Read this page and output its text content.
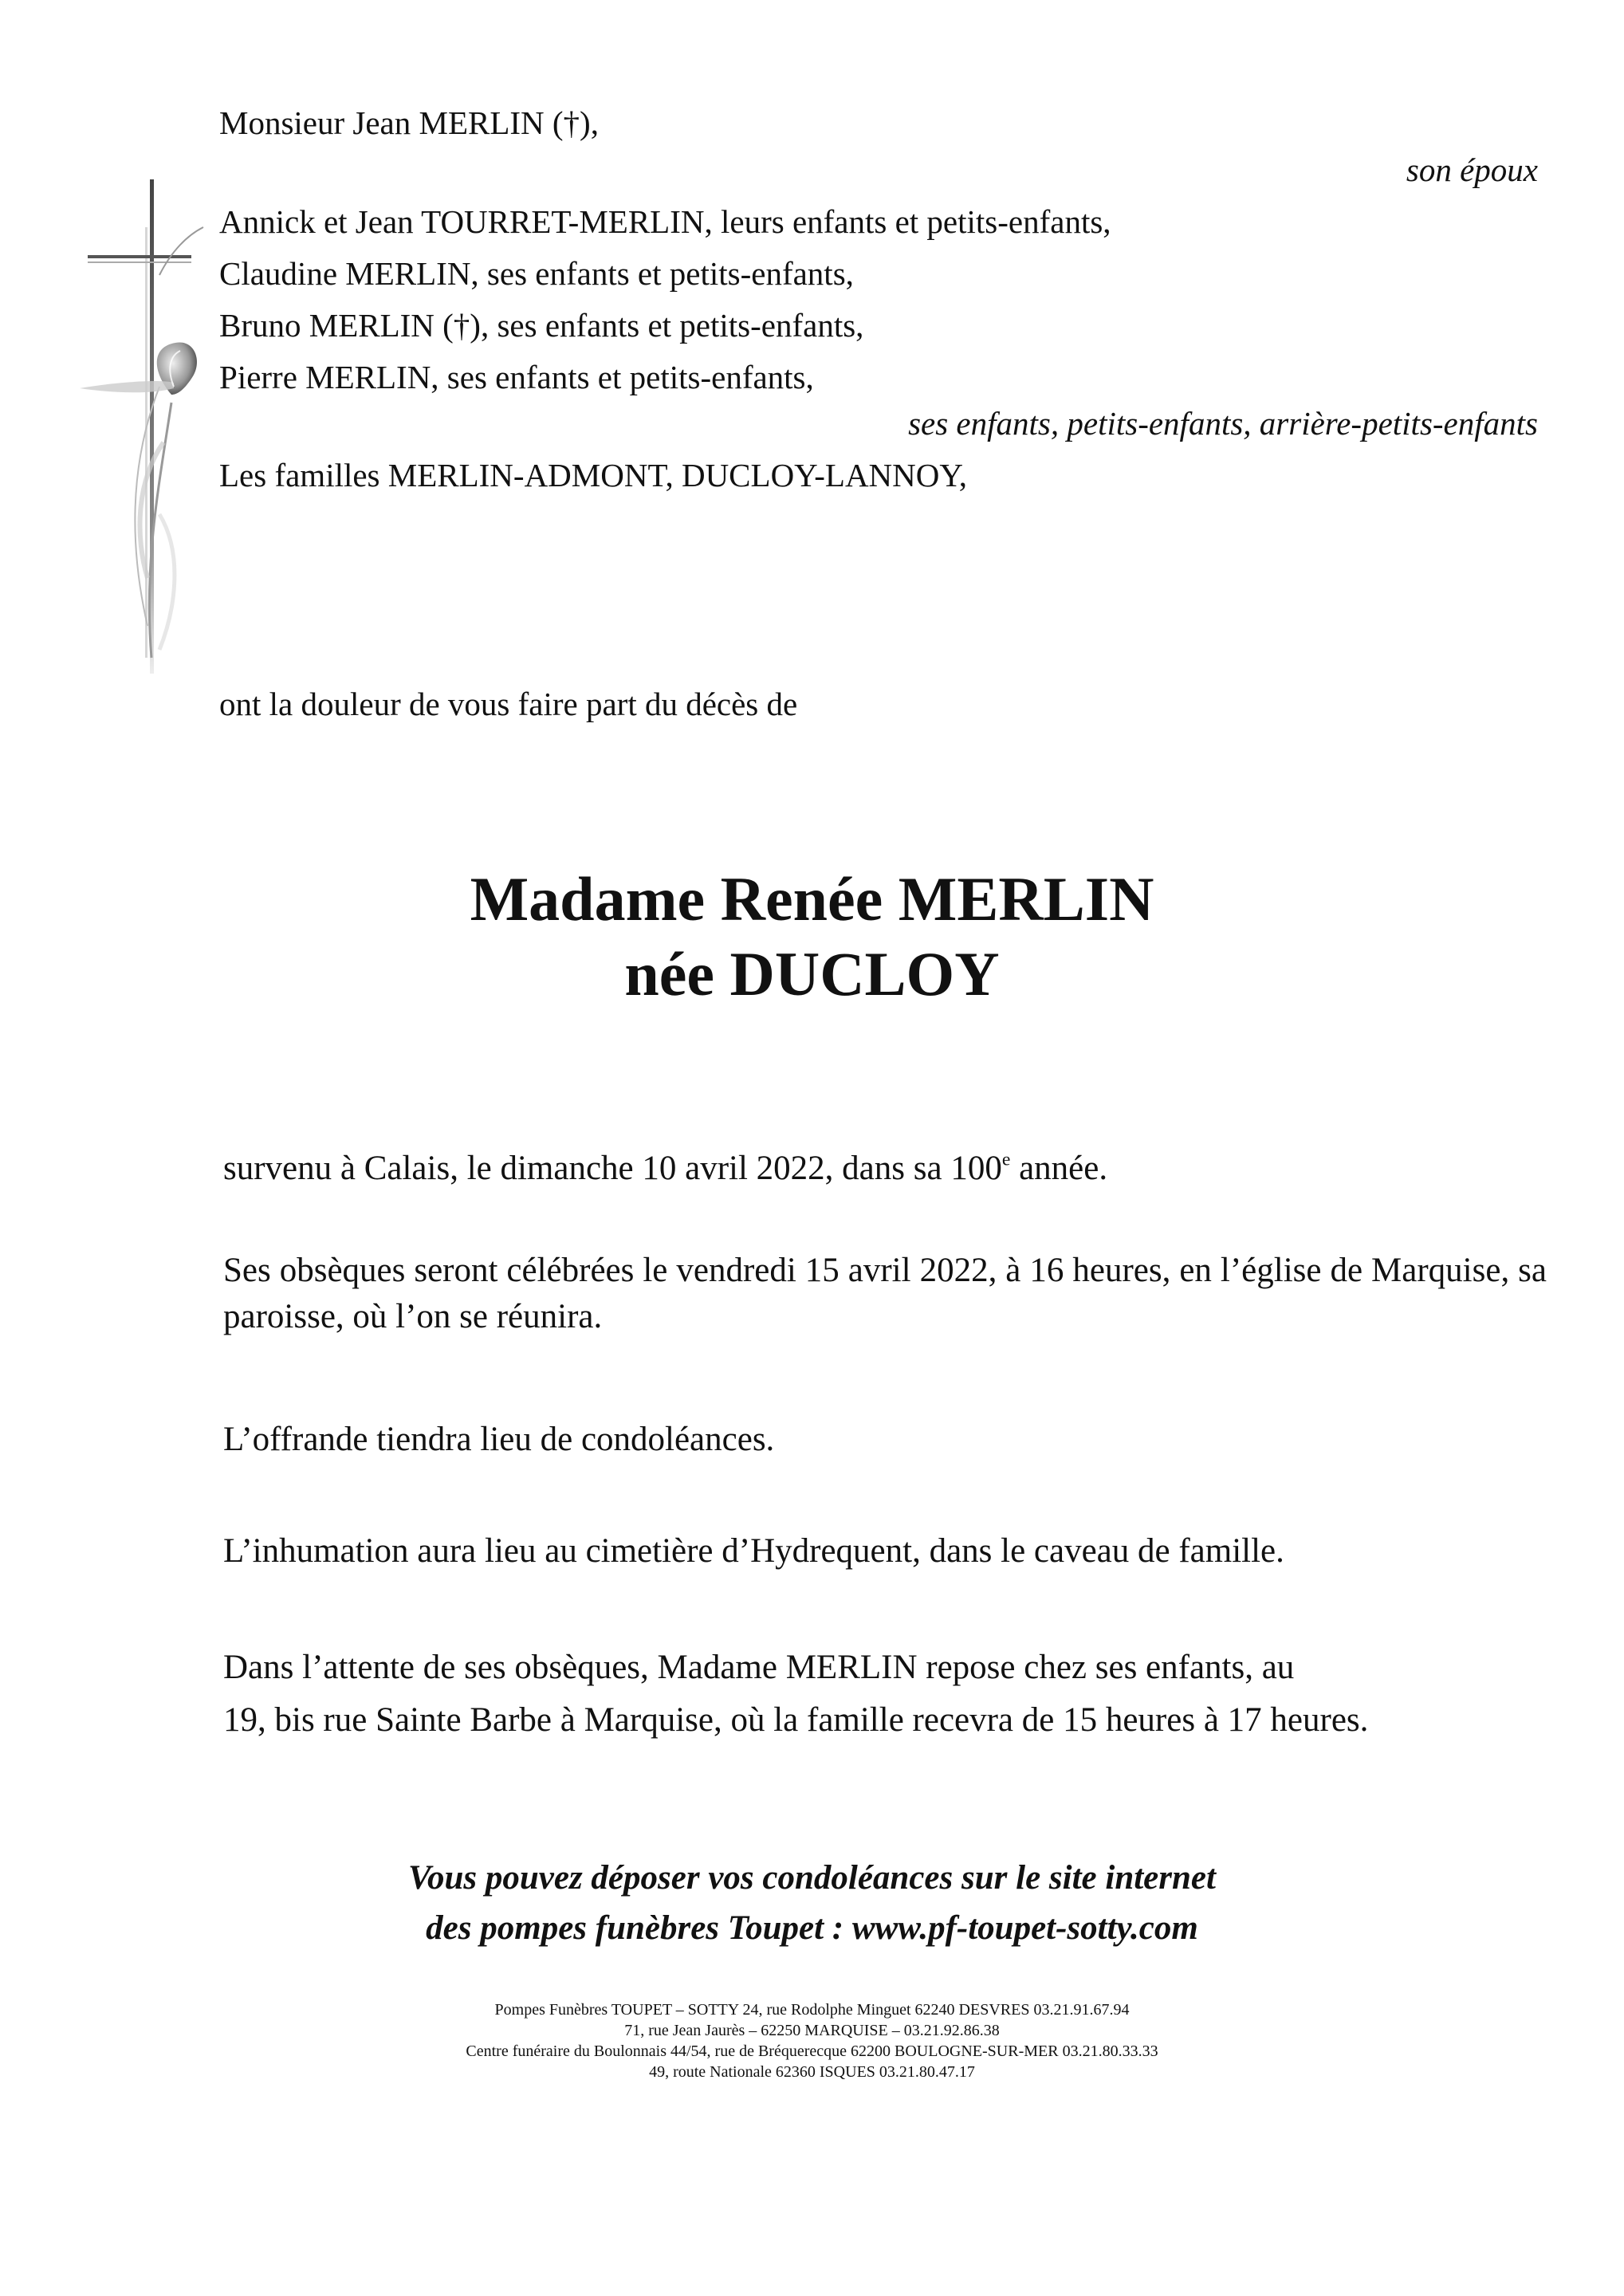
Monsieur Jean MERLIN (†),
son époux
Annick et Jean TOURRET-MERLIN, leurs enfants et petits-enfants,
Claudine MERLIN, ses enfants et petits-enfants,
Bruno MERLIN (†), ses enfants et petits-enfants,
Pierre MERLIN, ses enfants et petits-enfants,
ses enfants, petits-enfants, arrière-petits-enfants
Les familles MERLIN-ADMONT, DUCLOY-LANNOY,
ont la douleur de vous faire part du décès de
Madame Renée MERLIN
née DUCLOY
survenu à Calais, le dimanche 10 avril 2022, dans sa 100e année.
Ses obsèques seront célébrées le vendredi 15 avril 2022, à 16 heures, en l’église de Marquise, sa paroisse, où l’on se réunira.
L’offrande tiendra lieu de condoléances.
L’inhumation aura lieu au cimetière d’Hydrequent, dans le caveau de famille.
Dans l’attente de ses obsèques, Madame MERLIN repose chez ses enfants, au
19, bis rue Sainte Barbe à Marquise, où la famille recevra de 15 heures à 17 heures.
Vous pouvez déposer vos condoléances sur le site internet
des pompes funèbres Toupet : www.pf-toupet-sotty.com
Pompes Funèbres TOUPET – SOTTY 24, rue Rodolphe Minguet 62240 DESVRES 03.21.91.67.94
71, rue Jean Jaurès – 62250 MARQUISE – 03.21.92.86.38
Centre funéraire du Boulonnais 44/54, rue de Bréquerecque 62200 BOULOGNE-SUR-MER 03.21.80.33.33
49, route Nationale 62360 ISQUES 03.21.80.47.17
